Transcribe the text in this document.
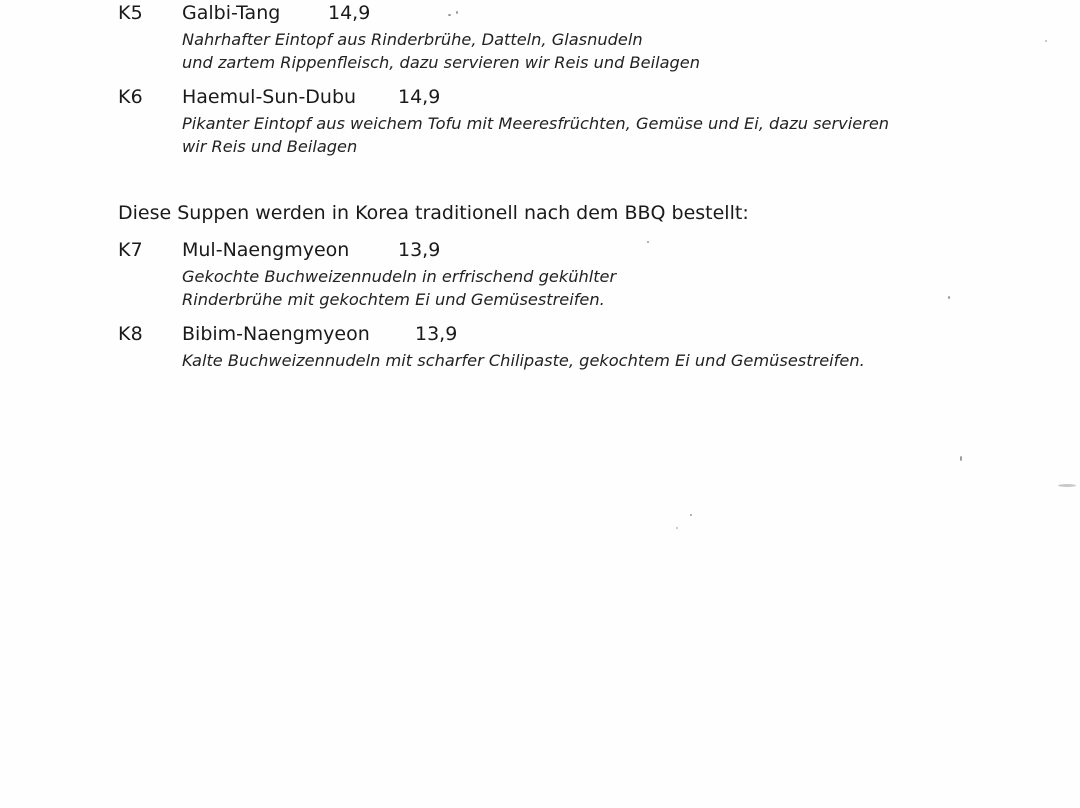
K5 Galbi-Tang	14,9
Nahrhafter Eintopf aus Rinderbrühe, Datteln, Glasnudeln
und zartem Rippenfleisch, dazu servieren wir Reis und Beilagen
K6 Haemul-Sun-Dubu 14,9
Pikanter Eintopf aus weichem Tofu mit Meeresfrüchten, Gemüse und Ei, dazu servieren
wir Reis und Beilagen
Diese Suppen werden in Korea traditionell nach dem BBQ bestellt:
K7 Mul-Naengmyeon	13,9
Gekochte Buchweizennudeln in erfrischend gekühlter
Rinderbrühe mit gekochtem Ei und Gemüsestreifen.
K8 Bibim-Naengmyeon 13,9
Kalte Buchweizennudeln mit scharfer Chilipaste, gekochtem Ei und Gemüsestreifen.
